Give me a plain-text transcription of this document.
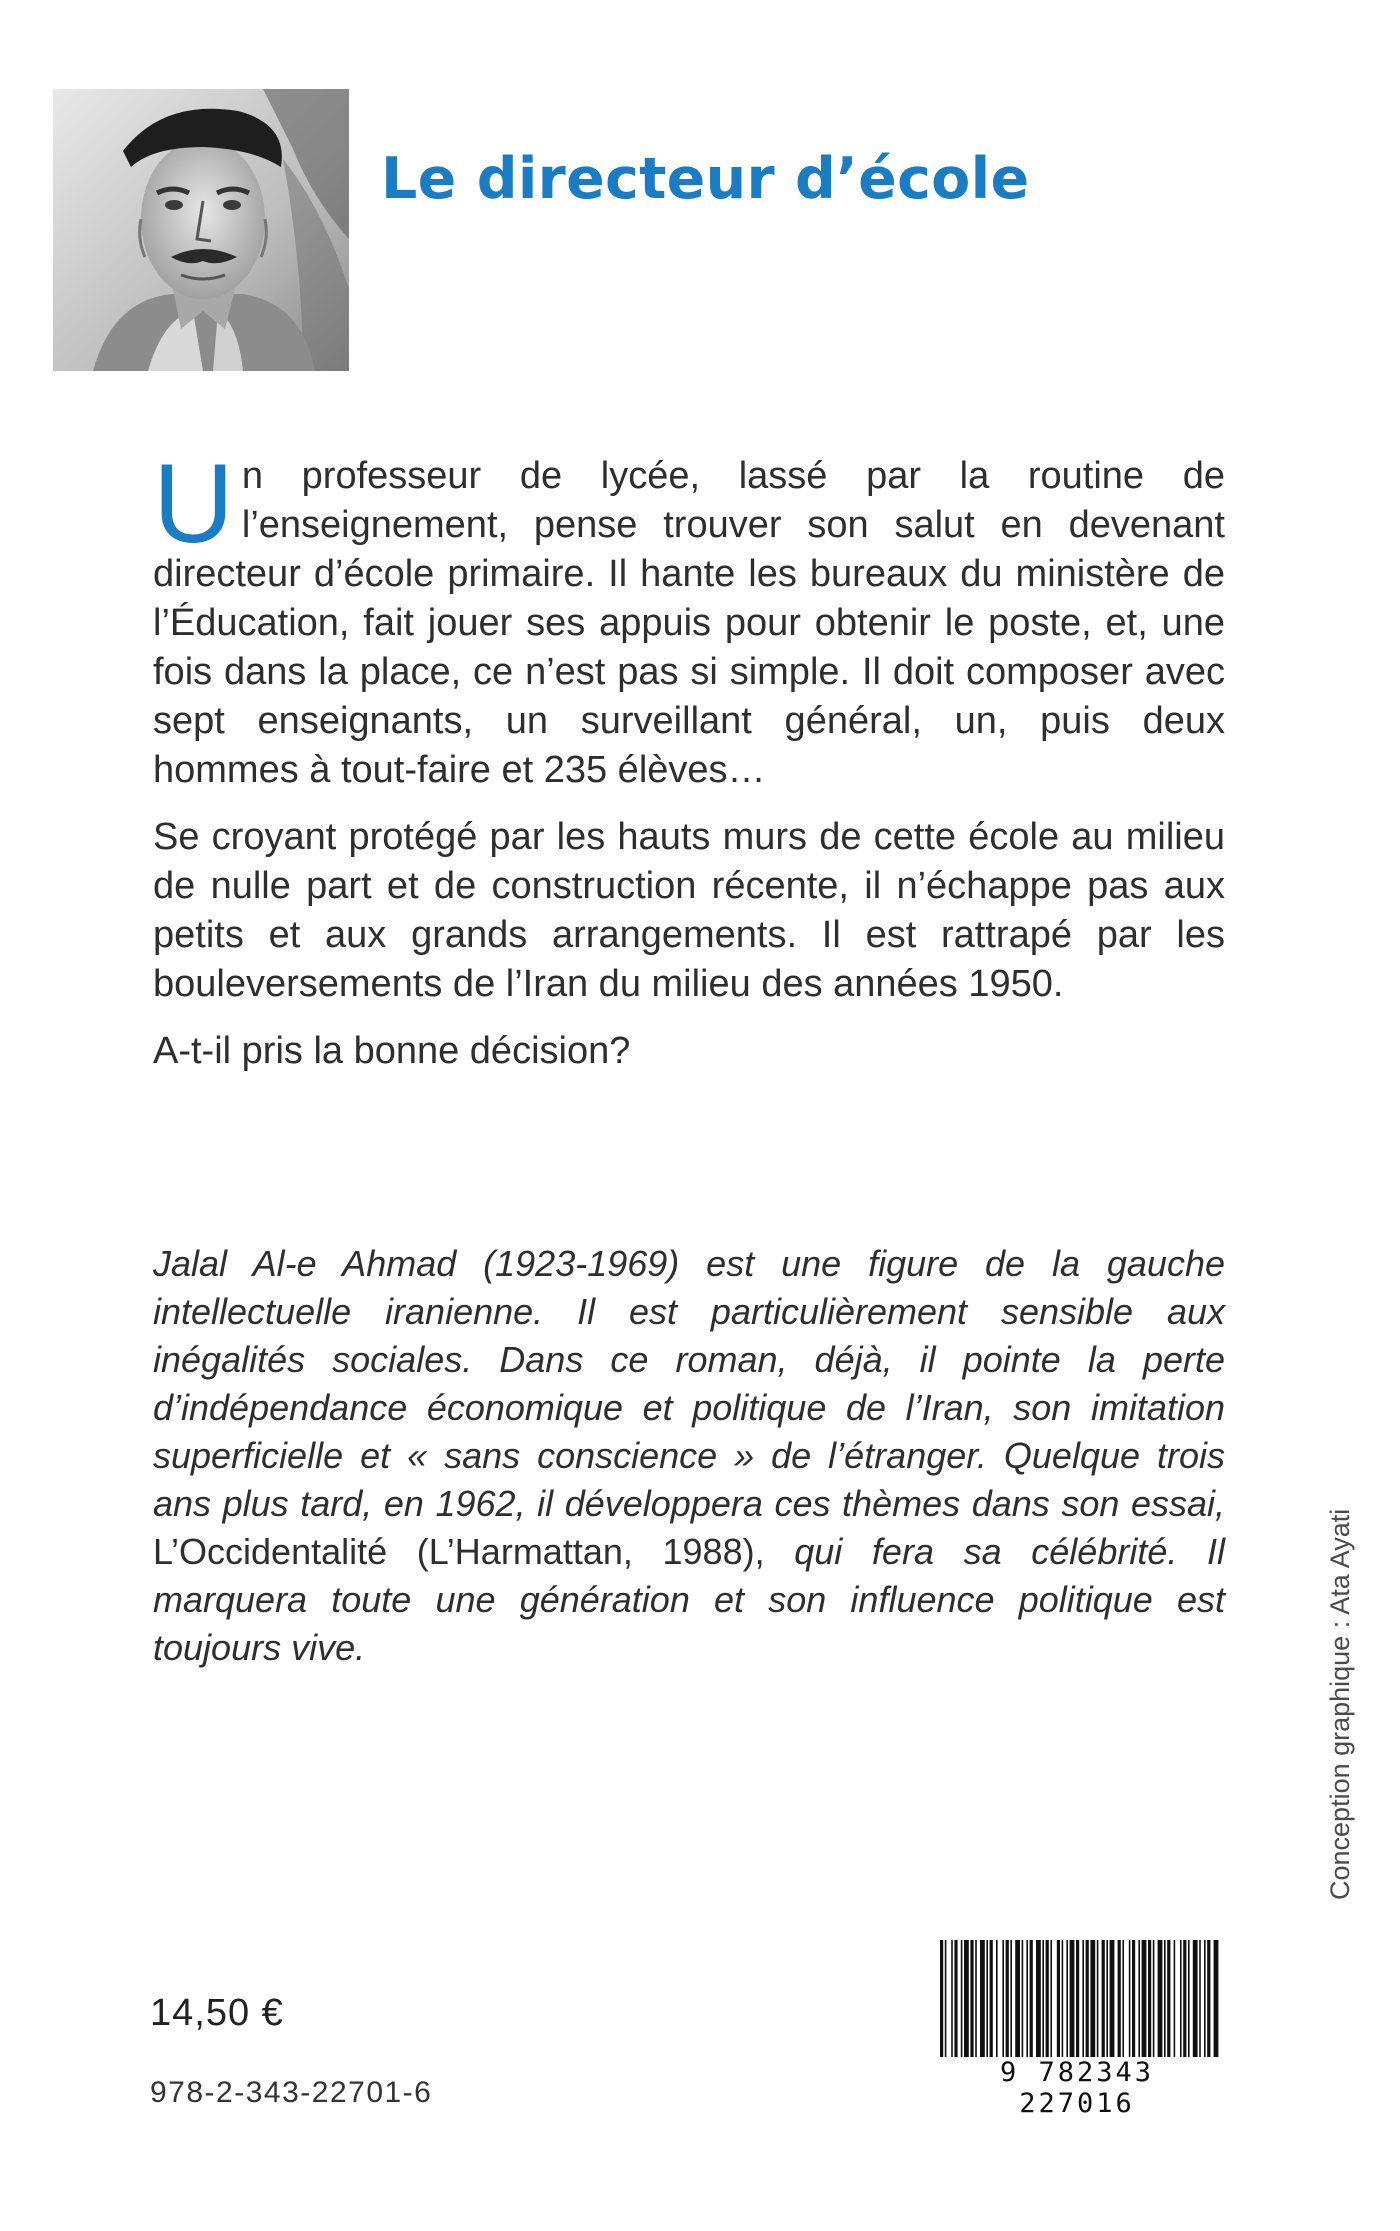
Le directeur d’école

Un professeur de lycée, lassé par la routine de l’enseignement, pense trouver son salut en devenant directeur d’école primaire. Il hante les bureaux du ministère de l’Éducation, fait jouer ses appuis pour obtenir le poste, et, une fois dans la place, ce n’est pas si simple. Il doit composer avec sept enseignants, un surveillant général, un, puis deux hommes à tout-faire et 235 élèves…

Se croyant protégé par les hauts murs de cette école au milieu de nulle part et de construction récente, il n’échappe pas aux petits et aux grands arrangements. Il est rattrapé par les bouleversements de l’Iran du milieu des années 1950.

A-t-il pris la bonne décision?

Jalal Al-e Ahmad (1923-1969) est une figure de la gauche intellectuelle iranienne. Il est particulièrement sensible aux inégalités sociales. Dans ce roman, déjà, il pointe la perte d’indépendance économique et politique de l’Iran, son imitation superficielle et « sans conscience » de l’étranger. Quelque trois ans plus tard, en 1962, il développera ces thèmes dans son essai, L’Occidentalité (L’Harmattan, 1988), qui fera sa célébrité. Il marquera toute une génération et son influence politique est toujours vive.	Conception graphique : Ata Ayati
14,50 €
978-2-343-22701-6
9 782343 227016
